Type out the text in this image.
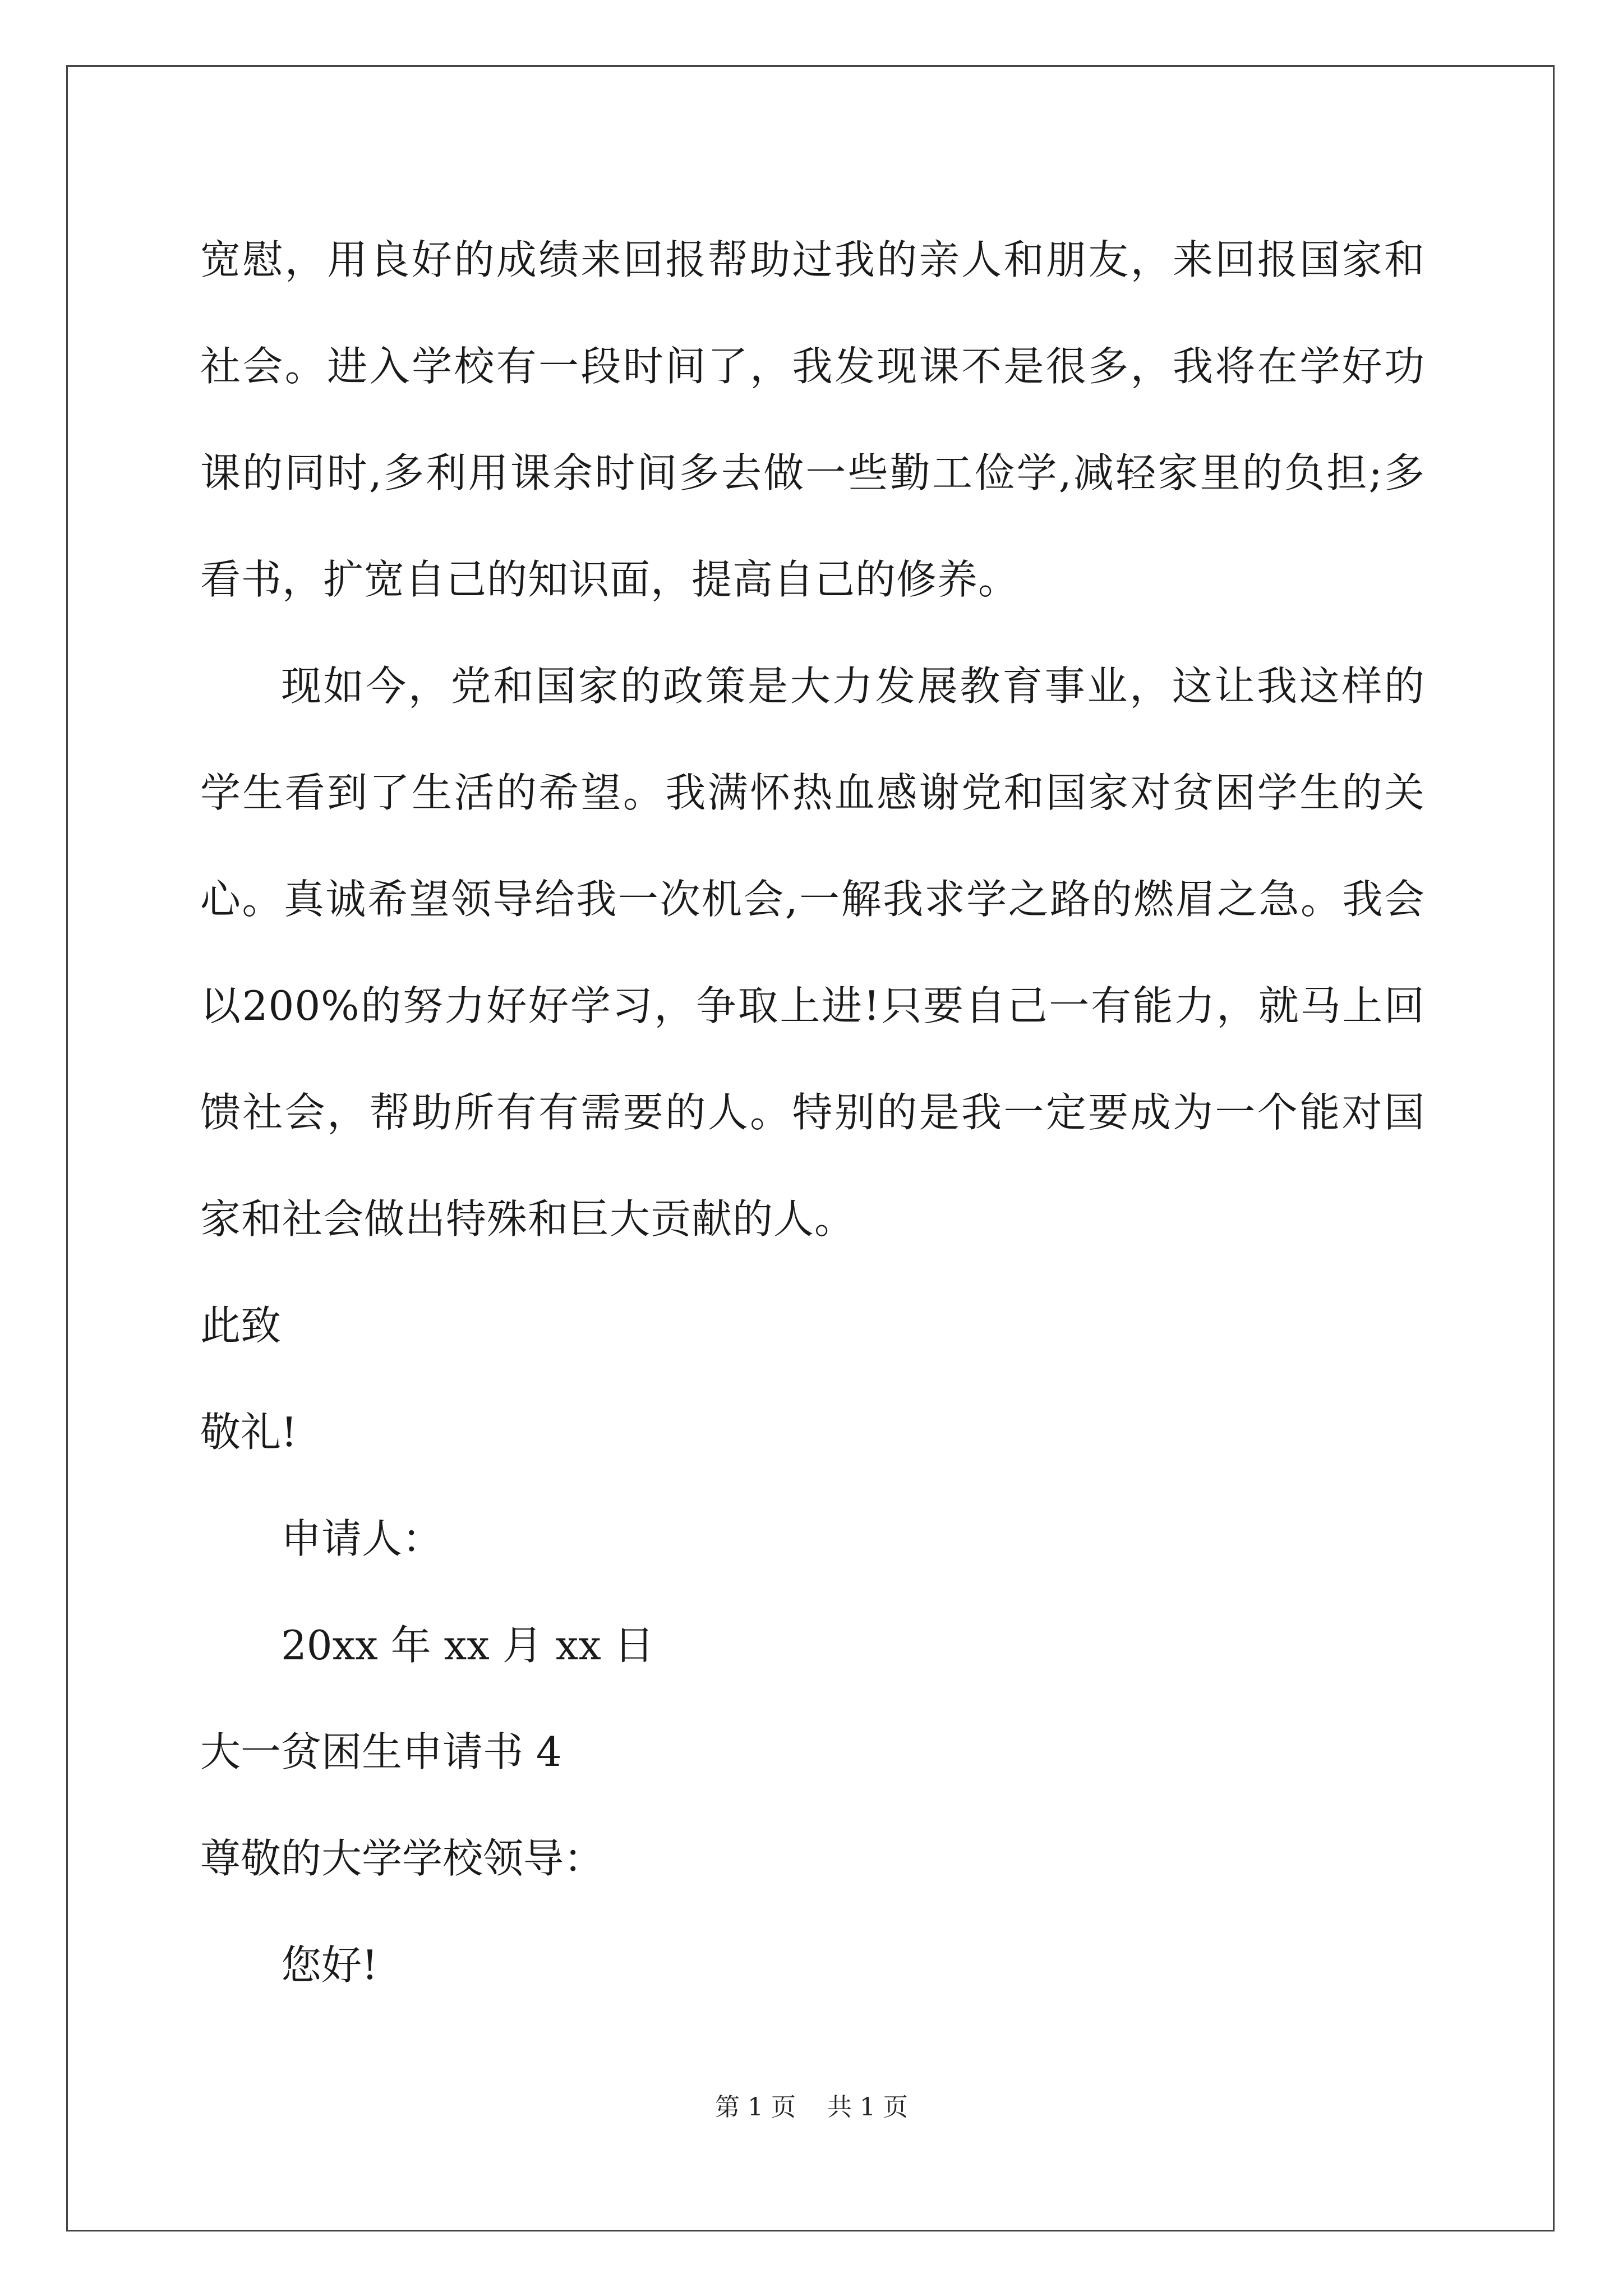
宽慰，用良好的成绩来回报帮助过我的亲人和朋友，来回报国家和社会。进入学校有一段时间了，我发现课不是很多，我将在学好功课的同时,多利用课余时间多去做一些勤工俭学,减轻家里的负担;多看书，扩宽自己的知识面，提高自己的修养。

现如今，党和国家的政策是大力发展教育事业，这让我这样的学生看到了生活的希望。我满怀热血感谢党和国家对贫困学生的关心。真诚希望领导给我一次机会,一解我求学之路的燃眉之急。我会以200%的努力好好学习，争取上进!只要自己一有能力，就马上回馈社会，帮助所有有需要的人。特别的是我一定要成为一个能对国家和社会做出特殊和巨大贡献的人。

此致

敬礼!

申请人：

20xx 年 xx 月 xx 日

大一贫困生申请书 4

尊敬的大学学校领导：

您好!

第 1 页    共 1 页
